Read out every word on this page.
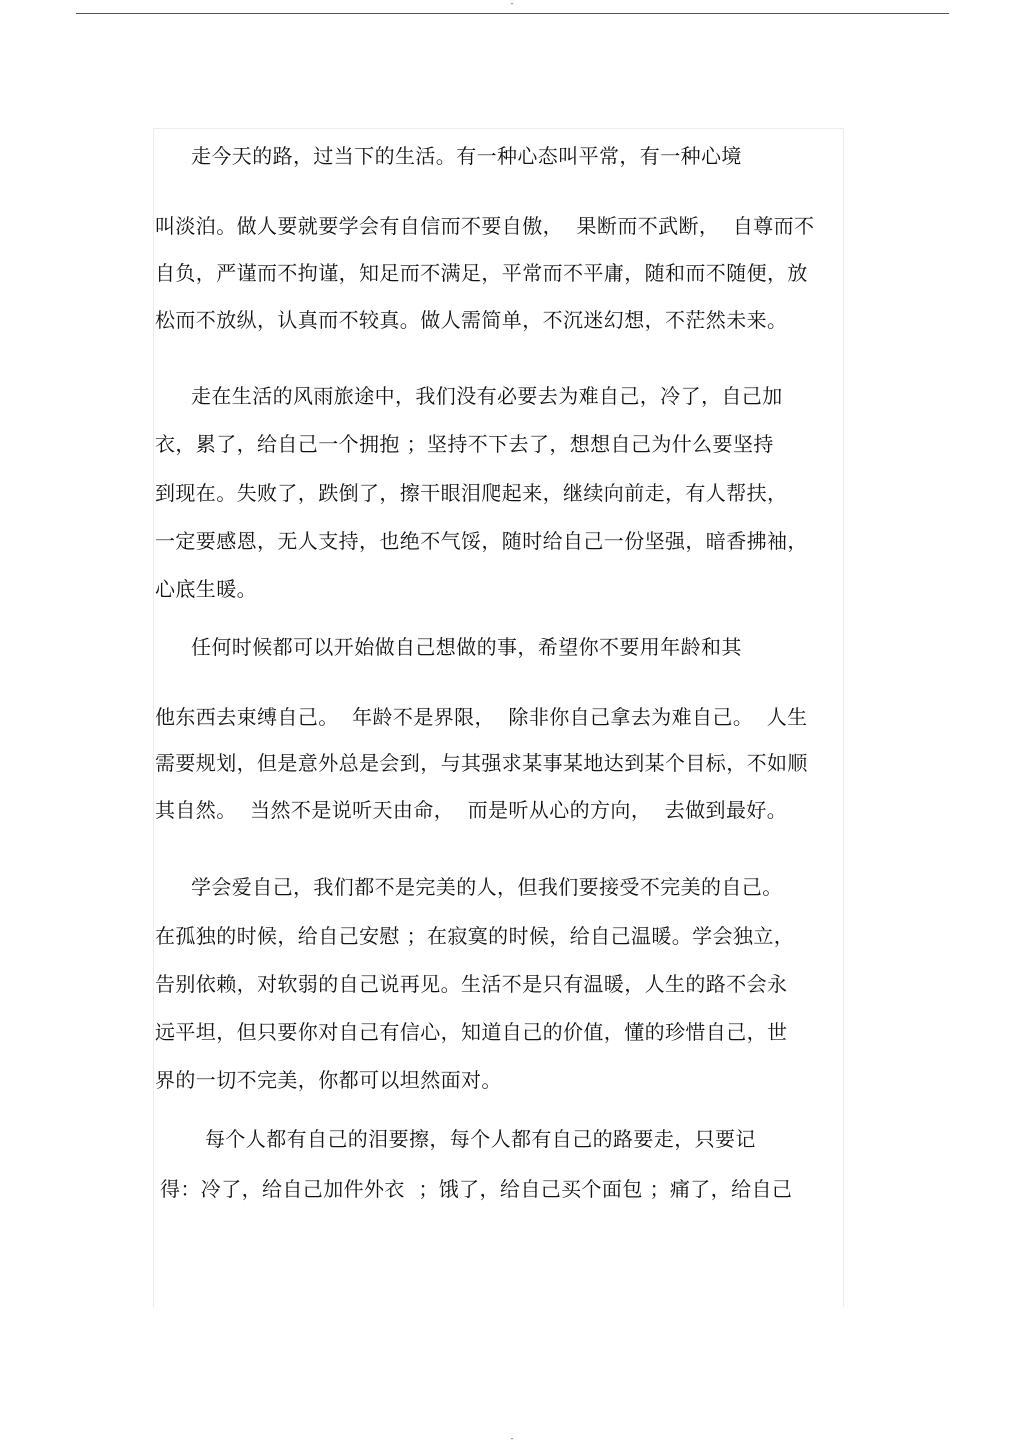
-
走今天的路，过当下的生活。有一种心态叫平常，有一种心境
叫淡泊。做人要就要学会有自信而不要自傲，  果断而不武断，  自尊而不
自负，严谨而不拘谨，知足而不满足，平常而不平庸，随和而不随便，放
松而不放纵，认真而不较真。做人需简单，不沉迷幻想，不茫然未来。
走在生活的风雨旅途中，我们没有必要去为难自己，冷了，自己加
衣，累了，给自己一个拥抱 ；坚持不下去了，想想自己为什么要坚持
到现在。失败了，跌倒了，擦干眼泪爬起来，继续向前走，有人帮扶，
一定要感恩，无人支持，也绝不气馁，随时给自己一份坚强，暗香拂袖，
心底生暖。
任何时候都可以开始做自己想做的事，希望你不要用年龄和其
他东西去束缚自己。  年龄不是界限，  除非你自己拿去为难自己。  人生
需要规划，但是意外总是会到，与其强求某事某地达到某个目标，不如顺
其自然。  当然不是说听天由命，  而是听从心的方向，  去做到最好。
学会爱自己，我们都不是完美的人，但我们要接受不完美的自己。
在孤独的时候，给自己安慰 ；在寂寞的时候，给自己温暖。学会独立，
告别依赖，对软弱的自己说再见。生活不是只有温暖，人生的路不会永
远平坦，但只要你对自己有信心，知道自己的价值，懂的珍惜自己，世
界的一切不完美，你都可以坦然面对。
每个人都有自己的泪要擦，每个人都有自己的路要走，只要记
得：冷了，给自己加件外衣  ；饿了，给自己买个面包 ；痛了，给自己
-
